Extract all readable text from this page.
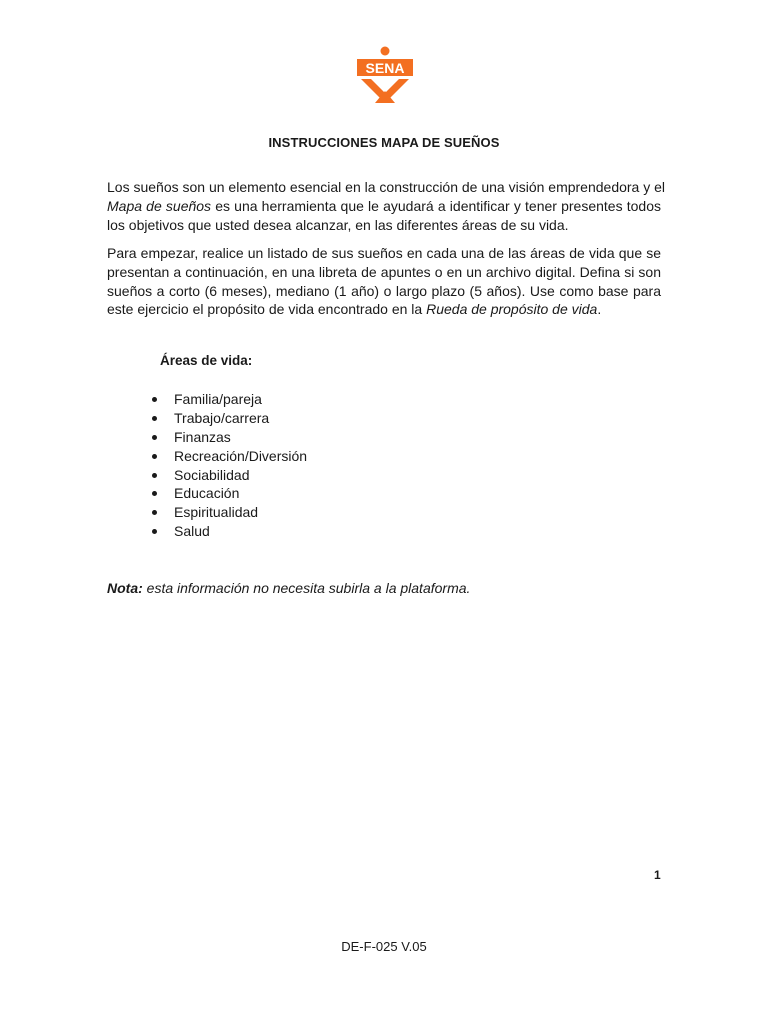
SENA
INSTRUCCIONES MAPA DE SUEÑOS

Los sueños son un elemento esencial en la construcción de una visión emprendedora y el
Mapa de sueños es una herramienta que le ayudará a identificar y tener presentes todos
los objetivos que usted desea alcanzar, en las diferentes áreas de su vida.

Para empezar, realice un listado de sus sueños en cada una de las áreas de vida que se
presentan a continuación, en una libreta de apuntes o en un archivo digital. Defina si son
sueños a corto (6 meses), mediano (1 año) o largo plazo (5 años). Use como base para
este ejercicio el propósito de vida encontrado en la Rueda de propósito de vida.

Áreas de vida:
Familia/pareja
Trabajo/carrera
Finanzas
Recreación/Diversión
Sociabilidad
Educación
Espiritualidad
Salud
Nota: esta información no necesita subirla a la plataforma.
1
DE-F-025 V.05
